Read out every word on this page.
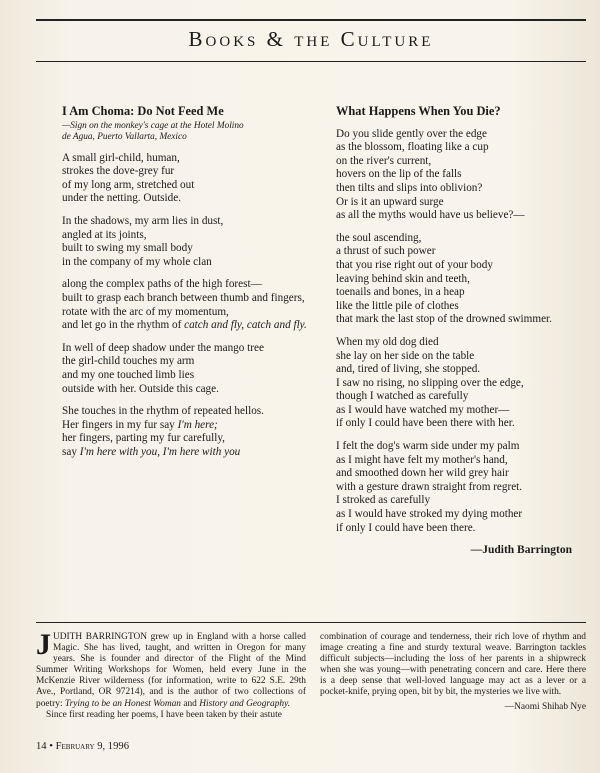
Books & the Culture
I Am Choma: Do Not Feed Me
—Sign on the monkey's cage at the Hotel Molino
de Agua, Puerto Vallarta, Mexico
A small girl-child, human,
strokes the dove-grey fur
of my long arm, stretched out
under the netting. Outside.
In the shadows, my arm lies in dust,
angled at its joints,
built to swing my small body
in the company of my whole clan
along the complex paths of the high forest—
built to grasp each branch between thumb and fingers,
rotate with the arc of my momentum,
and let go in the rhythm of catch and fly, catch and fly.
In well of deep shadow under the mango tree
the girl-child touches my arm
and my one touched limb lies
outside with her. Outside this cage.
She touches in the rhythm of repeated hellos.
Her fingers in my fur say I'm here;
her fingers, parting my fur carefully,
say I'm here with you, I'm here with you
What Happens When You Die?
Do you slide gently over the edge
as the blossom, floating like a cup
on the river's current,
hovers on the lip of the falls
then tilts and slips into oblivion?
Or is it an upward surge
as all the myths would have us believe?—
the soul ascending,
a thrust of such power
that you rise right out of your body
leaving behind skin and teeth,
toenails and bones, in a heap
like the little pile of clothes
that mark the last stop of the drowned swimmer.
When my old dog died
she lay on her side on the table
and, tired of living, she stopped.
I saw no rising, no slipping over the edge,
though I watched as carefully
as I would have watched my mother—
if only I could have been there with her.
I felt the dog's warm side under my palm
as I might have felt my mother's hand,
and smoothed down her wild grey hair
with a gesture drawn straight from regret.
I stroked as carefully
as I would have stroked my dying mother
if only I could have been there.
—Judith Barrington

JUDITH BARRINGTON grew up in England with a horse called Magic. She has lived, taught, and written in Oregon for many years. She is founder and director of the Flight of the Mind Summer Writing Workshops for Women, held every June in the McKenzie River wilderness (for information, write to 622 S.E. 29th Ave., Portland, OR 97214), and is the author of two collections of poetry: Trying to be an Honest Woman and History and Geography.

Since first reading her poems, I have been taken by their astute

combination of courage and tenderness, their rich love of rhythm and image creating a fine and sturdy textural weave. Barrington tackles difficult subjects—including the loss of her parents in a shipwreck when she was young—with penetrating concern and care. Here there is a deep sense that well-loved language may act as a lever or a pocket-knife, prying open, bit by bit, the mysteries we live with.

—Naomi Shihab Nye
14 • February 9, 1996
